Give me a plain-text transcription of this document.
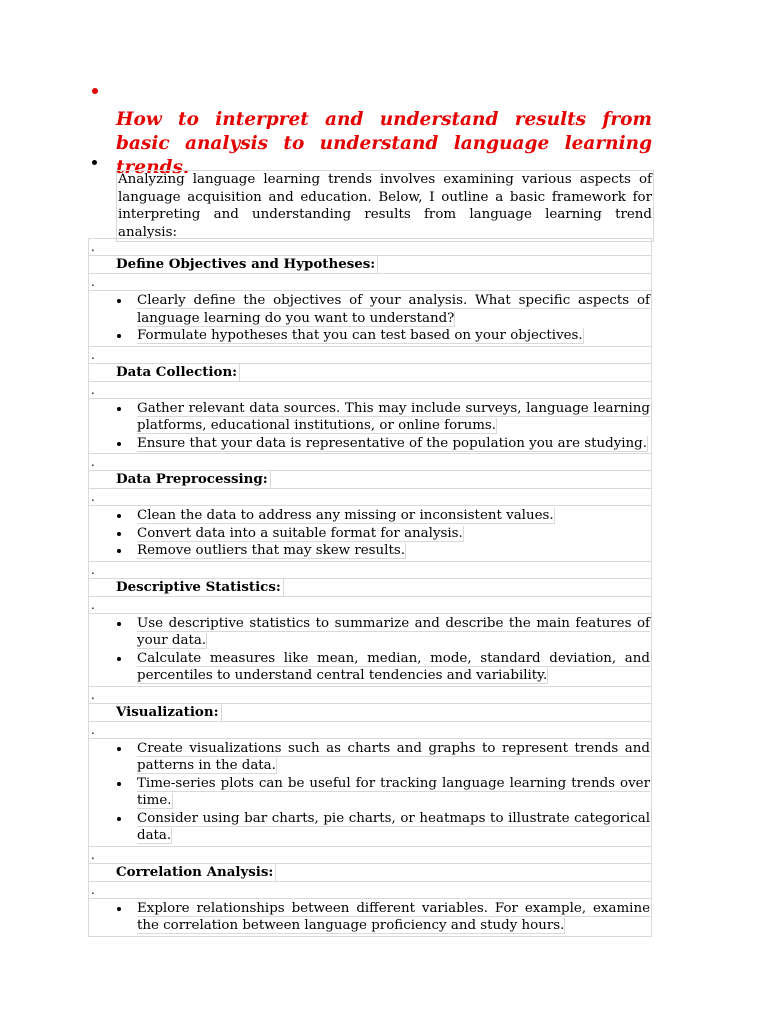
How to interpret and understand results from basic analysis to understand language learning trends.

Analyzing language learning trends involves examining various aspects of language acquisition and education. Below, I outline a basic framework for interpreting and understanding results from language learning trend analysis:

.
Define Objectives and Hypotheses:
.
Clearly define the objectives of your analysis. What specific aspects of language learning do you want to understand?
Formulate hypotheses that you can test based on your objectives.
.
Data Collection:
.
Gather relevant data sources. This may include surveys, language learning platforms, educational institutions, or online forums.
Ensure that your data is representative of the population you are studying.
.
Data Preprocessing:
.
Clean the data to address any missing or inconsistent values.
Convert data into a suitable format for analysis.
Remove outliers that may skew results.
.
Descriptive Statistics:
.
Use descriptive statistics to summarize and describe the main features of your data.
Calculate measures like mean, median, mode, standard deviation, and percentiles to understand central tendencies and variability.
.
Visualization:
.
Create visualizations such as charts and graphs to represent trends and patterns in the data.
Time-series plots can be useful for tracking language learning trends over time.
Consider using bar charts, pie charts, or heatmaps to illustrate categorical data.
.
Correlation Analysis:
.
Explore relationships between different variables. For example, examine the correlation between language proficiency and study hours.
